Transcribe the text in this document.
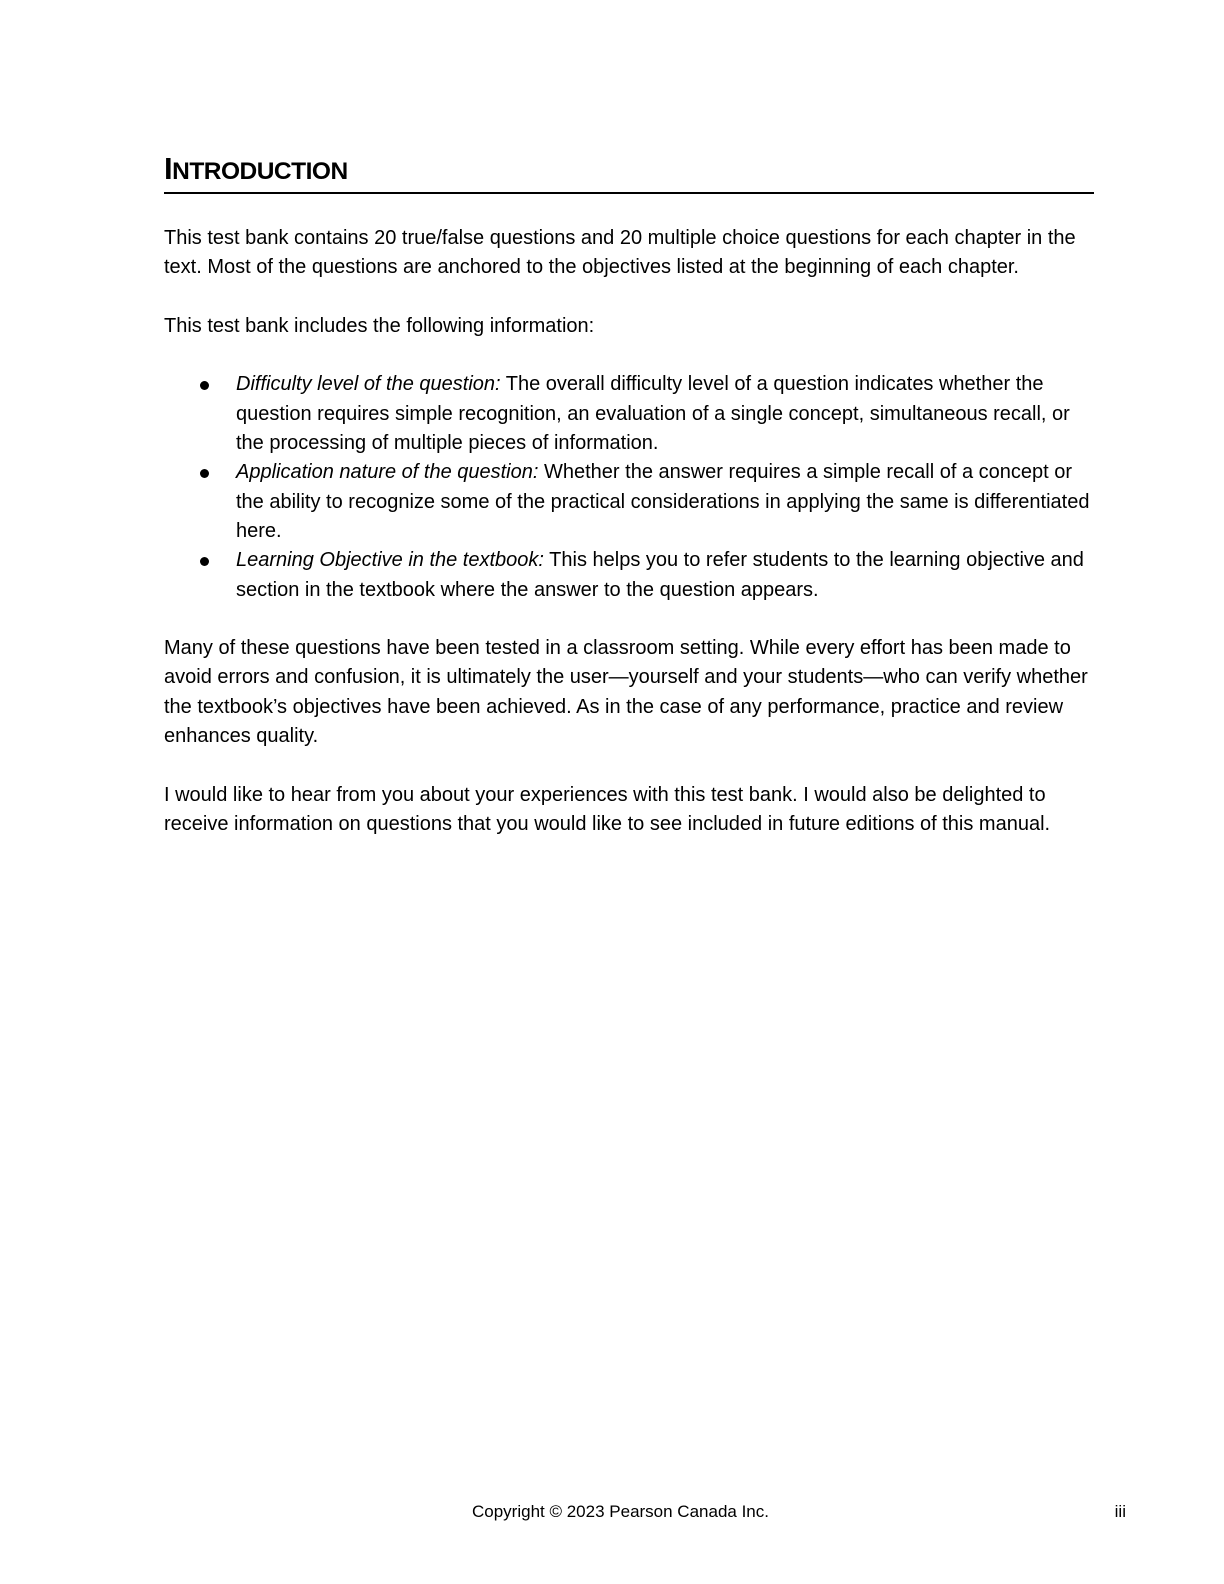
INTRODUCTION

This test bank contains 20 true/false questions and 20 multiple choice questions for each chapter in the text. Most of the questions are anchored to the objectives listed at the beginning of each chapter.

This test bank includes the following information:

Difficulty level of the question: The overall difficulty level of a question indicates whether the question requires simple recognition, an evaluation of a single concept, simultaneous recall, or the processing of multiple pieces of information.
Application nature of the question: Whether the answer requires a simple recall of a concept or the ability to recognize some of the practical considerations in applying the same is differentiated here.
Learning Objective in the textbook: This helps you to refer students to the learning objective and section in the textbook where the answer to the question appears.

Many of these questions have been tested in a classroom setting. While every effort has been made to avoid errors and confusion, it is ultimately the user—yourself and your students—who can verify whether the textbook’s objectives have been achieved. As in the case of any performance, practice and review enhances quality.

I would like to hear from you about your experiences with this test bank. I would also be delighted to receive information on questions that you would like to see included in future editions of this manual.

Copyright © 2023 Pearson Canada Inc.	iii
